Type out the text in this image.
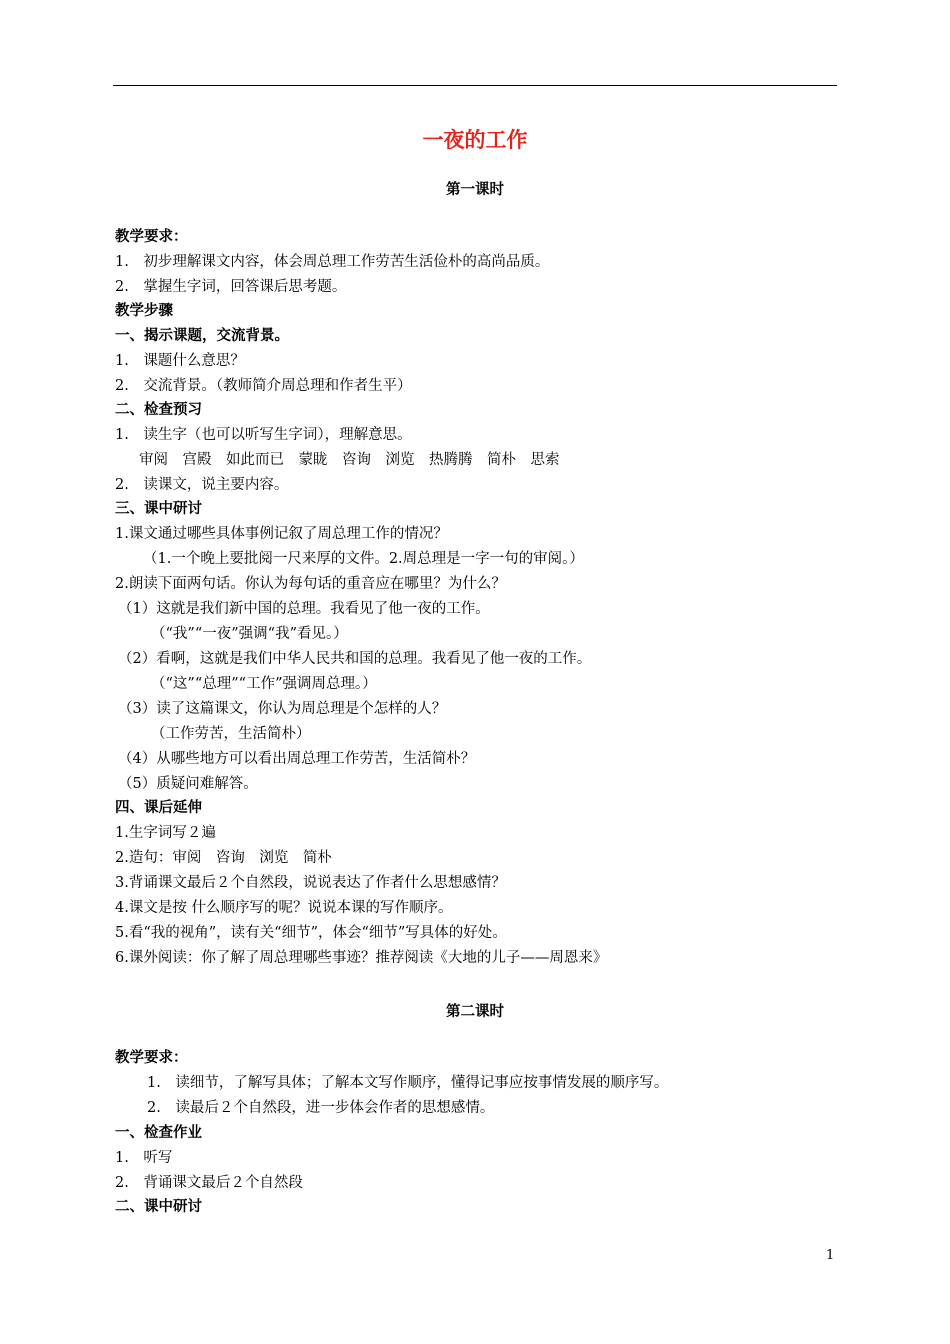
一夜的工作
第一课时
教学要求：
1.　初步理解课文内容，体会周总理工作劳苦生活俭朴的高尚品质。
2.　掌握生字词，回答课后思考题。
教学步骤
一、揭示课题，交流背景。
1.　课题什么意思？
2.　交流背景。（教师简介周总理和作者生平）
二、检查预习
1.　读生字（也可以听写生字词），理解意思。
审阅　宫殿　如此而已　蒙眬　咨询　浏览　热腾腾　简朴　思索
2.　读课文，说主要内容。
三、课中研讨
1.课文通过哪些具体事例记叙了周总理工作的情况？
（1.一个晚上要批阅一尺来厚的文件。2.周总理是一字一句的审阅。）
2.朗读下面两句话。你认为每句话的重音应在哪里？为什么？
（1）这就是我们新中国的总理。我看见了他一夜的工作。
（“我”“一夜”强调“我”看见。）
（2）看啊，这就是我们中华人民共和国的总理。我看见了他一夜的工作。
（“这”“总理”“工作”强调周总理。）
（3）读了这篇课文，你认为周总理是个怎样的人？
（工作劳苦，生活简朴）
（4）从哪些地方可以看出周总理工作劳苦，生活简朴？
（5）质疑问难解答。
四、课后延伸
1.生字词写２遍
2.造句：审阅　咨询　浏览　简朴
3.背诵课文最后２个自然段，说说表达了作者什么思想感情？
4.课文是按 什么顺序写的呢？说说本课的写作顺序。
5.看“我的视角”，读有关“细节”，体会“细节”写具体的好处。
6.课外阅读：你了解了周总理哪些事迹？推荐阅读《大地的儿子——周恩来》
第二课时
教学要求：
1.　读细节，了解写具体；了解本文写作顺序，懂得记事应按事情发展的顺序写。
2.　读最后２个自然段，进一步体会作者的思想感情。
一、检查作业
1.　听写
2.　背诵课文最后２个自然段
二、课中研讨
1
